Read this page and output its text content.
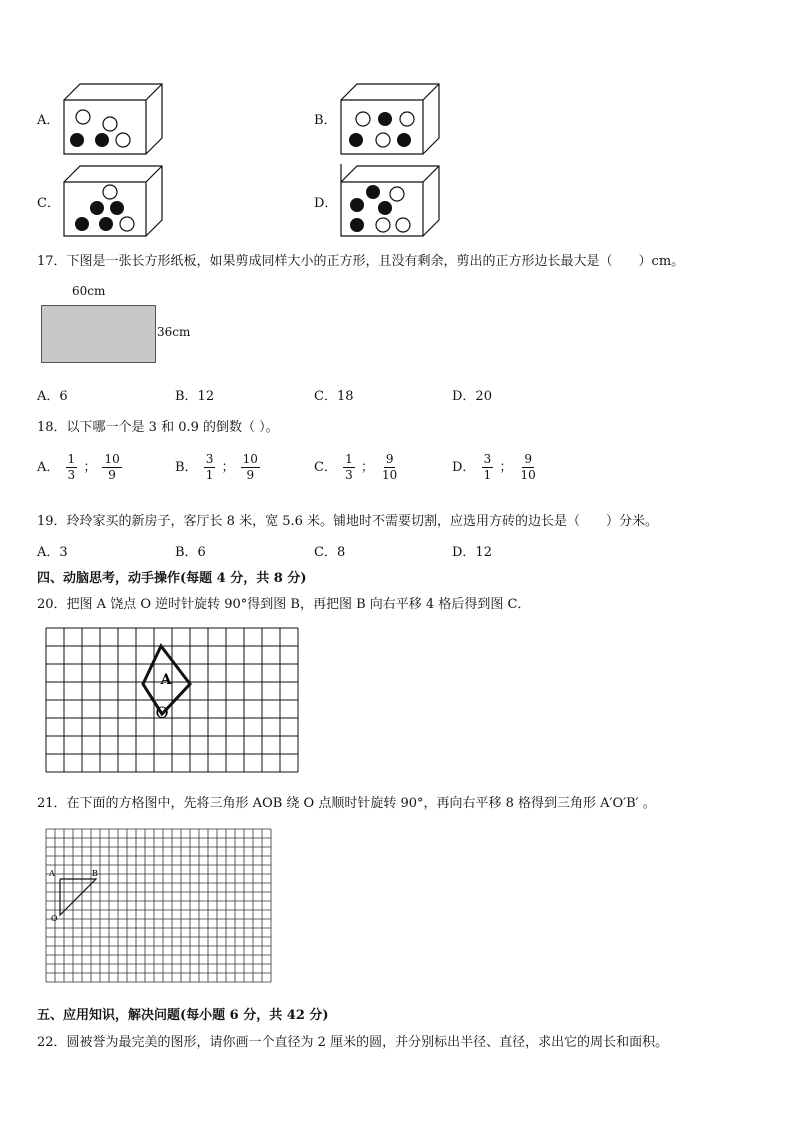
A．	B．
C．	D．
17．下图是一张长方形纸板，如果剪成同样大小的正方形，且没有剩余，剪出的正方形边长最大是（　　）cm。
60cm
36cm
A．6	B．12	C．18	D．20
18．以下哪一个是 3 和 0.9 的倒数（ ）。
A． $\frac{1}{3}$ ； $\frac{10}{9}$	B． $\frac{3}{1}$ ； $\frac{10}{9}$	C． $\frac{1}{3}$ ； $\frac{9}{10}$	D． $\frac{3}{1}$ ； $\frac{9}{10}$
19．玲玲家买的新房子，客厅长 8 米，宽 5.6 米。铺地时不需要切割，应选用方砖的边长是（　　）分米。
A．3	B．6	C．8	D．12
四、动脑思考，动手操作(每题 4 分，共 8 分)
20．把图 A 饶点 O 逆时针旋转 90°得到图 B，再把图 B 向右平移 4 格后得到图 C．
A
O
21．在下面的方格图中，先将三角形 AOB 绕 O 点顺时针旋转 90°，再向右平移 8 格得到三角形 A′O′B′ 。
A	B
O
五、应用知识，解决问题(每小题 6 分，共 42 分)
22．圆被誉为最完美的图形，请你画一个直径为 2 厘米的圆，并分别标出半径、直径，求出它的周长和面积。
